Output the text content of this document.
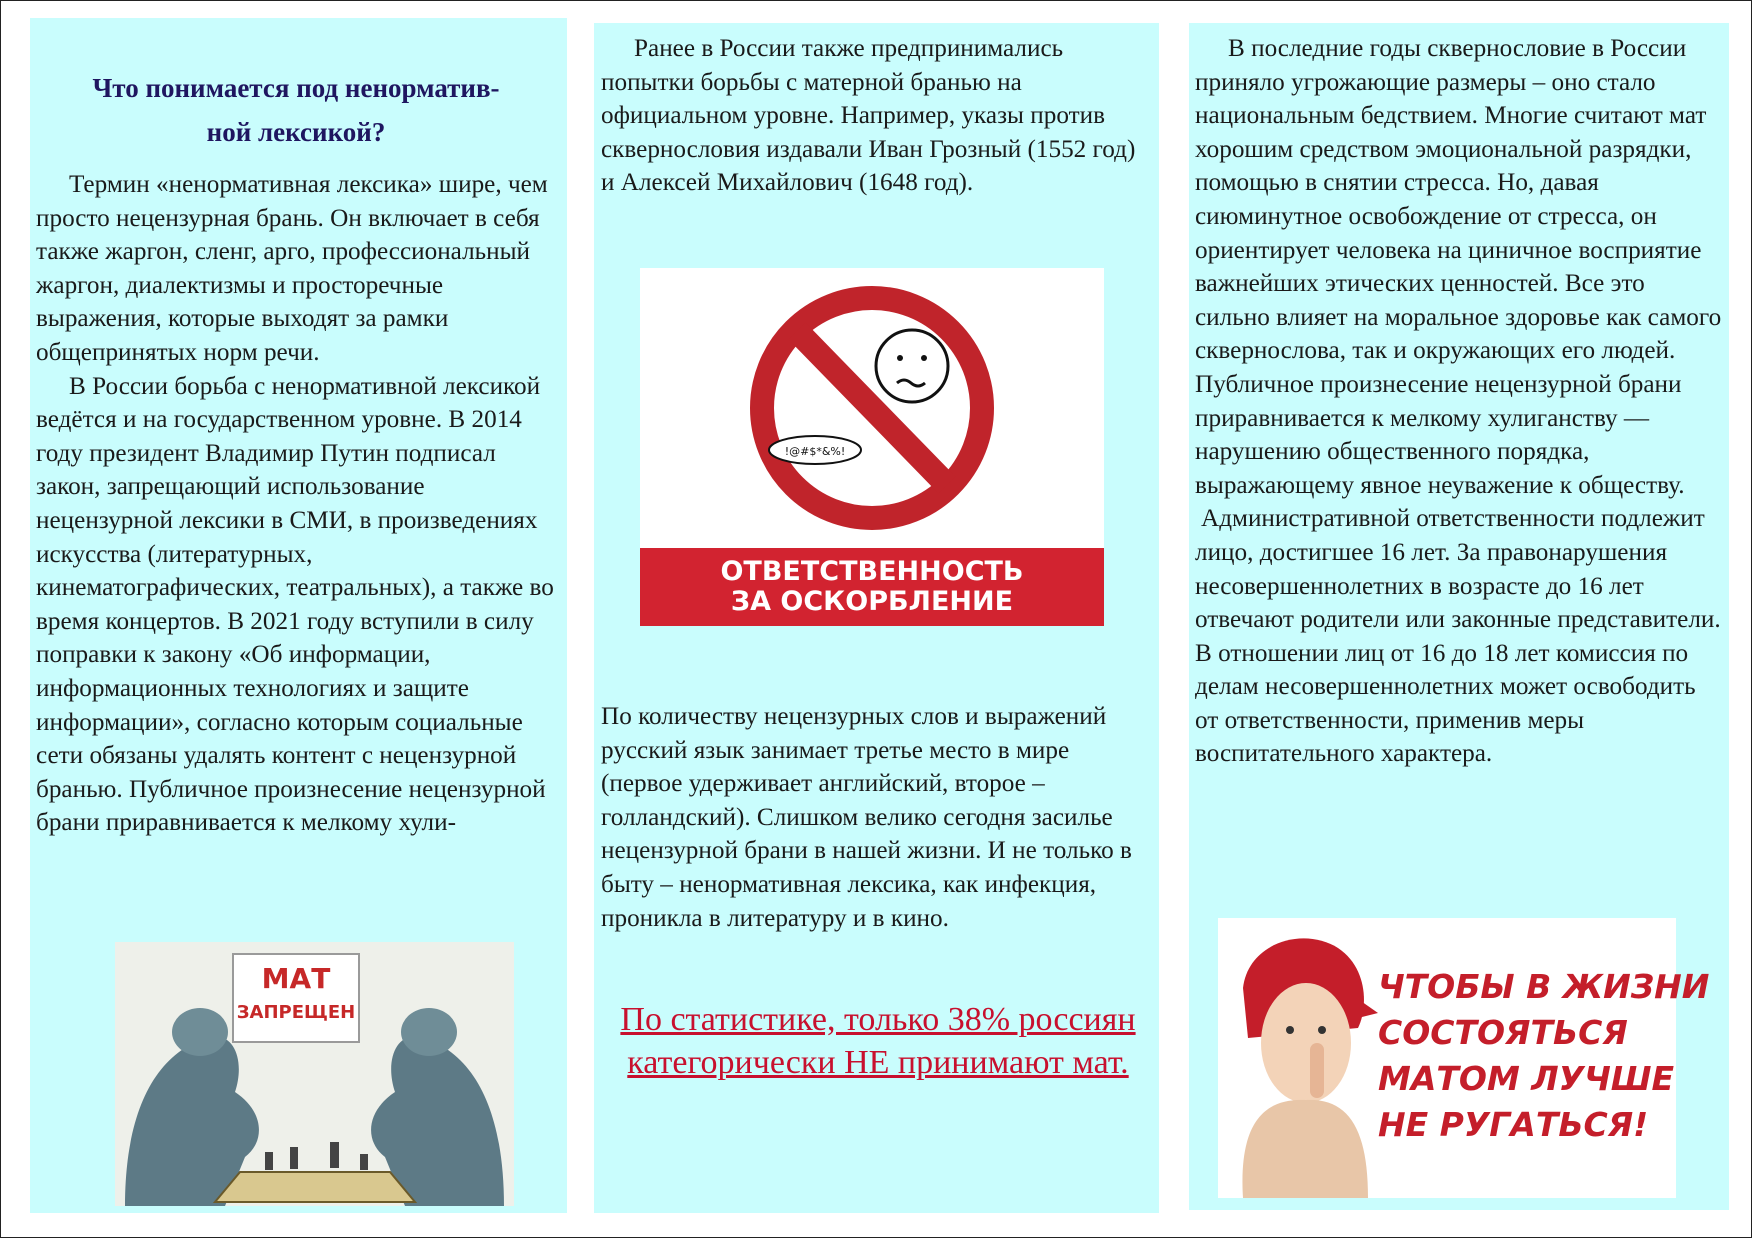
Что понимается под ненорматив-
ной лексикой?

Термин «ненормативная лексика» шире, чем просто нецензурная брань. Он включает в себя также жаргон, сленг, арго, профессиональный жаргон, диалектизмы и просторечные выражения, которые выходят за рамки общепринятых норм речи.

В России борьба с ненормативной лексикой ведётся и на государственном уровне. В 2014 году президент Владимир Путин подписал закон, запрещающий использование нецензурной лексики в СМИ, в произведениях искусства (литературных, кинематографических, театральных), а также во время концертов. В 2021 году вступили в силу поправки к закону «Об информации, информационных технологиях и защите информации», согласно которым социальные сети обязаны удалять контент с нецензурной бранью. Публичное произнесение нецензурной брани приравнивается к мелкому хули-

МАТ
ЗАПРЕЩЕН

Ранее в России также предпринимались попытки борьбы с матерной бранью на официальном уровне. Например, указы против сквернословия издавали Иван Грозный (1552 год) и Алексей Михайлович (1648 год).

!@#$*&%!
ОТВЕТСТВЕННОСТЬ
ЗА ОСКОРБЛЕНИЕ

По количеству нецензурных слов и выражений русский язык занимает третье место в мире (первое удерживает английский, второе – голландский). Слишком велико сегодня засилье нецензурной брани в нашей жизни. И не только в быту – ненормативная лексика, как инфекция, проникла в литературу и в кино.

По статистике, только 38% россиян категорически НЕ принимают мат.

В последние годы сквернословие в России приняло угрожающие размеры – оно стало национальным бедствием. Многие считают мат хорошим средством эмоциональной разрядки, помощью в снятии стресса. Но, давая сиюминутное освобождение от стресса, он ориентирует человека на циничное восприятие важнейших этических ценностей. Все это сильно влияет на моральное здоровье как самого сквернослова, так и окружающих его людей. Публичное произнесение нецензурной брани приравнивается к мелкому хулиганству — нарушению общественного порядка, выражающему явное неуважение к обществу.

Административной ответственности подлежит лицо, достигшее 16 лет. За правонарушения несовершеннолетних в возрасте до 16 лет отвечают родители или законные представители. В отношении лиц от 16 до 18 лет комиссия по делам несовершеннолетних может освободить от ответственности, применив меры воспитательного характера.

ЧТОБЫ В ЖИЗНИ
СОСТОЯТЬСЯ
МАТОМ ЛУЧШЕ
НЕ РУГАТЬСЯ!
